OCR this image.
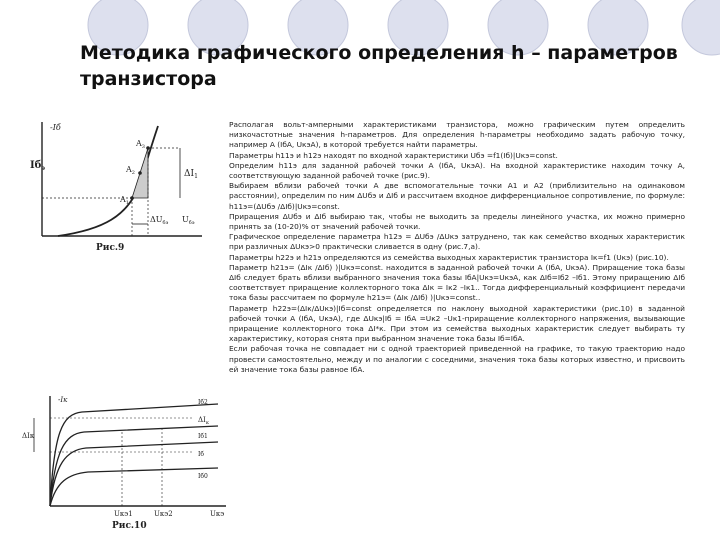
Методика графического определения h – параметров транзистора
-Iб
$Iб_э$
$\Delta I_1$
$A_1$
$A_2$
$A_3$
$\Delta U_{бэ}$ $U_{бэ}$
Рис.9
-Iк
ΔIк
$\Delta I_к$
Iб2
Iб1
Iб
Iб0
Uкэ1	Uкэ2	Uкэ
Рис.10

Располагая вольт-амперными характеристиками транзистора, можно графическим путем определить низкочастотные значения h-параметров. Для определения h-параметры необходимо задать рабочую точку, например А (IбA, UкэA), в которой требуется найти параметры.

Параметры h11э и h12э находят по входной характеристики Uбэ =f1(Iб)|Uкэ=const.

Определим h11э для заданной рабочей точки А (IбA, UкэA). На входной характеристике находим точку А, соответствующую заданной рабочей точке (рис.9).

Выбираем вблизи рабочей точки А две вспомогательные точки А1 и А2 (приблизительно на одинаковом расстоянии), определим по ним ΔUбэ и ΔIб и рассчитаем входное дифференциальное сопротивление, по формуле: h11э=(ΔUбэ /ΔIб)|Uкэ=const.

Приращения ΔUбэ и ΔIб выбираю так, чтобы не выходить за пределы линейного участка, их можно примерно принять за (10-20)% от значений рабочей точки.

Графическое определение параметра h12э = ΔUбэ /ΔUкэ затруднено, так как семейство входных характеристик при различных ΔUкэ>0 практически сливается в одну (рис.7,а).

Параметры h22э и h21э определяются из семейства выходных характеристик транзистора Iк=f1 (Uкэ) (рис.10).

Параметр h21э= (ΔIк /ΔIб) )|Uкэ=const. находится в заданной рабочей точки А (IбA, UкэA). Приращение тока базы ΔIб следует брать вблизи выбранного значения тока базы IбA|Uкэ=UкэA, как ΔIб=Iб2 –Iб1. Этому приращению ΔIб соответствует приращение коллекторного тока ΔIк = Iк2 –Iк1.. Тогда дифференциальный коэффициент передачи тока базы рассчитаем по формуле h21э= (ΔIк /ΔIб) )|Uкэ=const..

Параметр h22э=(ΔIк/ΔUкэ)|Iб=const определяется по наклону выходной характеристики (рис.10) в заданной рабочей точки А (IбA, UкэA), где ΔUкэ|Iб = IбA =Uк2 –Uк1-приращение коллекторного напряжения, вызывающие приращение коллекторного тока ΔI*к. При этом из семейства выходных характеристик следует выбирать ту характеристику, которая снята при выбранном значение тока базы Iб=IбA.

Если рабочая точка не совпадает ни с одной траекторией приведенной на графике, то такую траекторию надо провести самостоятельно, между и по аналогии с соседними, значения тока базы которых известно, и присвоить ей значение тока базы равное IбA.
